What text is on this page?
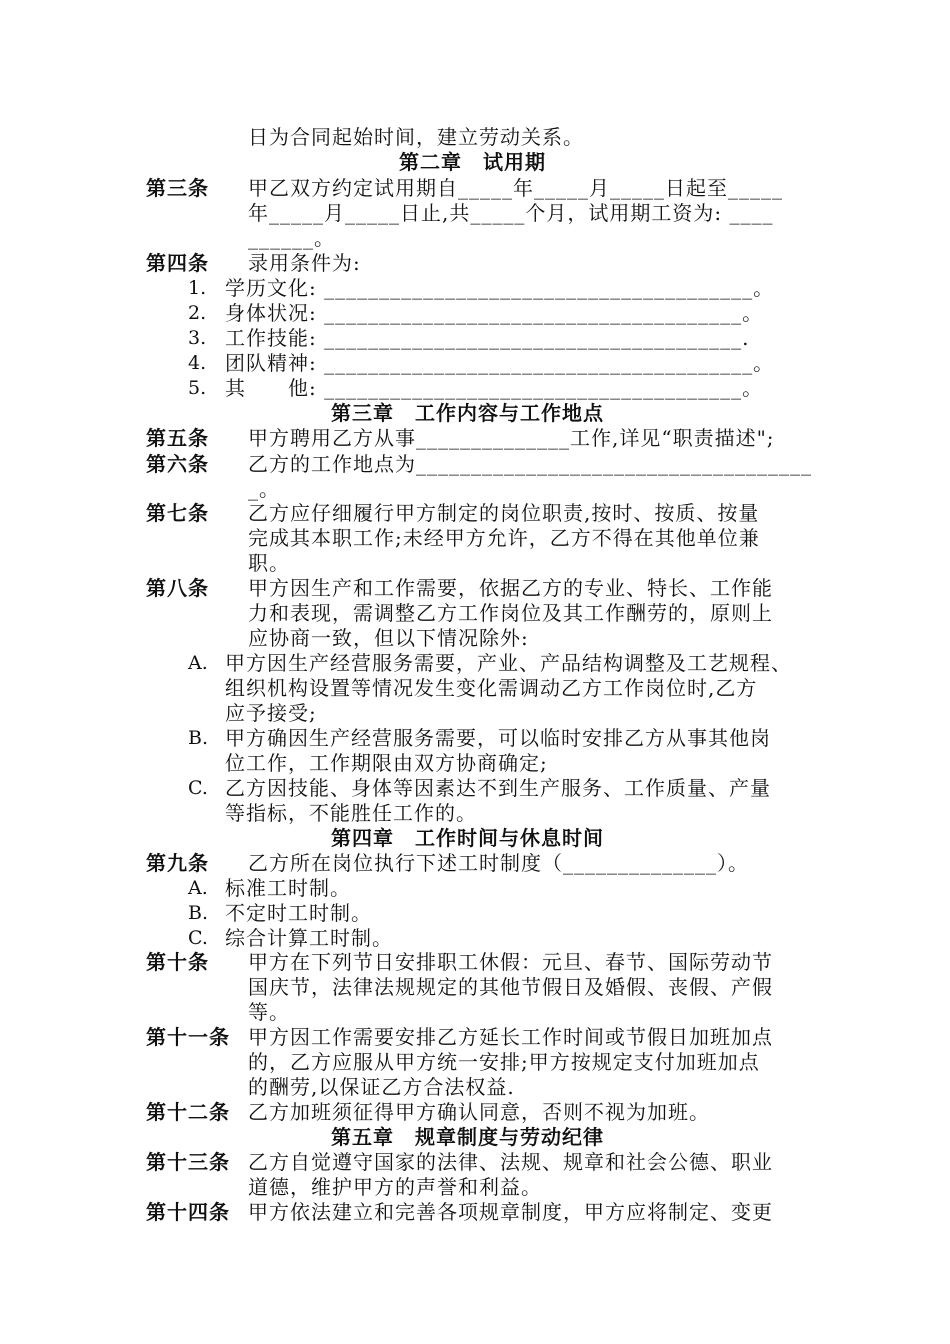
日为合同起始时间，建立劳动关系。
第二章　试用期
第三条 甲乙双方约定试用期自_____年_____月_____日起至_____
年_____月_____日止,共_____个月，试用期工资为: ____
______。
第四条 录用条件为:
1. 学历文化: _______________________________________。
2. 身体状况: ______________________________________。
3. 工作技能: ______________________________________.
4. 团队精神: _______________________________________。
5. 其　　他: ______________________________________。
第三章　工作内容与工作地点
第五条 甲方聘用乙方从事______________工作,详见“职责描述";
第六条 乙方的工作地点为____________________________________
_。
第七条 乙方应仔细履行甲方制定的岗位职责,按时、按质、按量
完成其本职工作;未经甲方允许，乙方不得在其他单位兼
职。
第八条 甲方因生产和工作需要，依据乙方的专业、特长、工作能
力和表现，需调整乙方工作岗位及其工作酬劳的，原则上
应协商一致，但以下情况除外:
A. 甲方因生产经营服务需要，产业、产品结构调整及工艺规程、
组织机构设置等情况发生变化需调动乙方工作岗位时,乙方
应予接受;
B. 甲方确因生产经营服务需要，可以临时安排乙方从事其他岗
位工作，工作期限由双方协商确定;
C. 乙方因技能、身体等因素达不到生产服务、工作质量、产量
等指标，不能胜任工作的。
第四章　工作时间与休息时间
第九条 乙方所在岗位执行下述工时制度（______________）。
A. 标准工时制。
B. 不定时工时制。
C. 综合计算工时制。
第十条 甲方在下列节日安排职工休假：元旦、春节、国际劳动节
国庆节，法律法规规定的其他节假日及婚假、丧假、产假
等。
第十一条 甲方因工作需要安排乙方延长工作时间或节假日加班加点
的，乙方应服从甲方统一安排;甲方按规定支付加班加点
的酬劳,以保证乙方合法权益.
第十二条 乙方加班须征得甲方确认同意，否则不视为加班。
第五章　规章制度与劳动纪律
第十三条 乙方自觉遵守国家的法律、法规、规章和社会公德、职业
道德，维护甲方的声誉和利益。
第十四条 甲方依法建立和完善各项规章制度，甲方应将制定、变更
